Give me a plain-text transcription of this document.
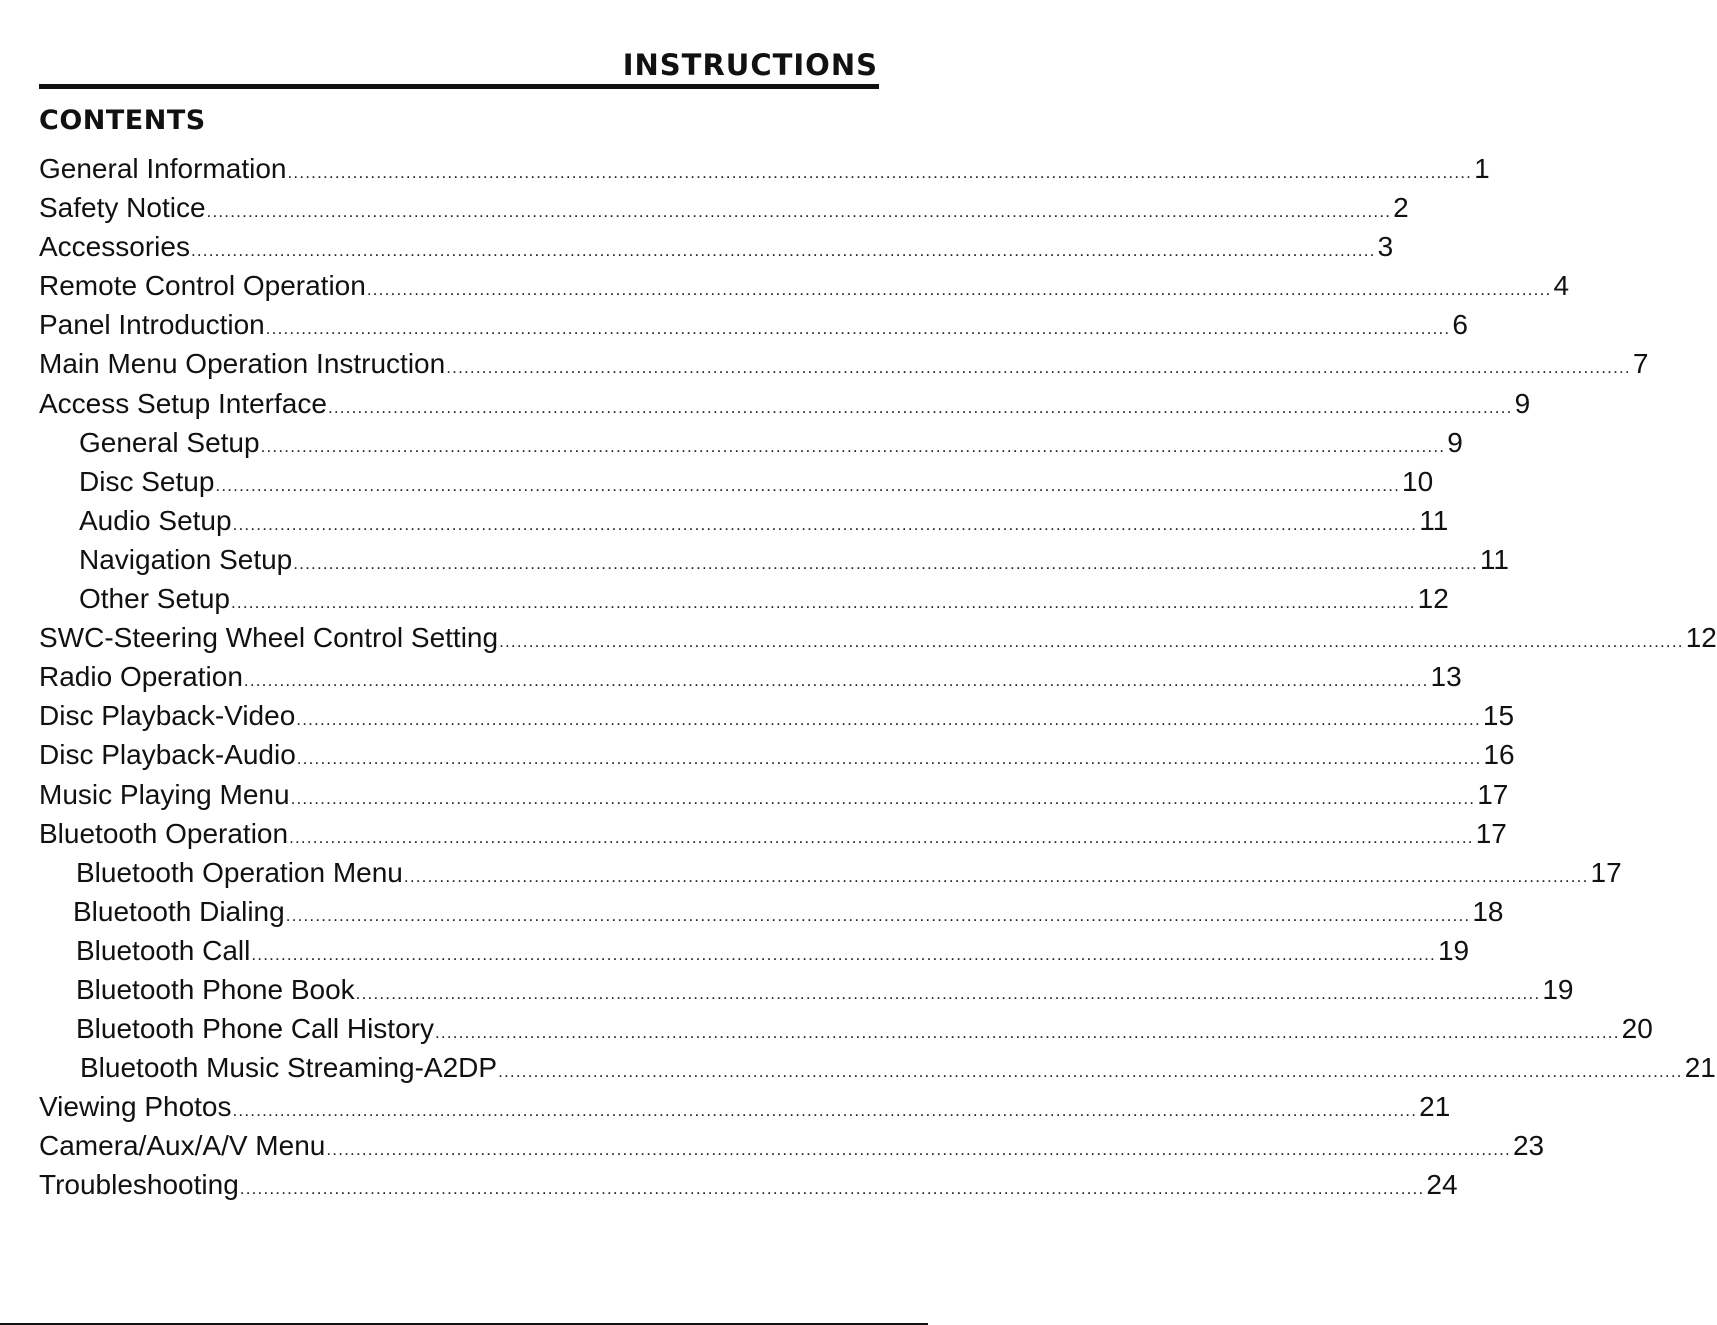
INSTRUCTIONS
CONTENTS
General Information ........................................................................................................................................................................................................ 1
Safety Notice ........................................................................................................................................................................................................ 2
Accessories ........................................................................................................................................................................................................ 3
Remote Control Operation ........................................................................................................................................................................................................ 4
Panel Introduction ........................................................................................................................................................................................................ 6
Main Menu Operation Instruction ........................................................................................................................................................................................................ 7
Access Setup Interface ........................................................................................................................................................................................................ 9
General Setup ........................................................................................................................................................................................................ 9
Disc Setup ........................................................................................................................................................................................................ 10
Audio Setup ........................................................................................................................................................................................................ 11
Navigation Setup ........................................................................................................................................................................................................ 11
Other Setup ........................................................................................................................................................................................................ 12
SWC-Steering Wheel Control Setting ........................................................................................................................................................................................................ 12
Radio Operation ........................................................................................................................................................................................................ 13
Disc Playback-Video ........................................................................................................................................................................................................ 15
Disc Playback-Audio ........................................................................................................................................................................................................ 16
Music Playing Menu ........................................................................................................................................................................................................ 17
Bluetooth Operation ........................................................................................................................................................................................................ 17
Bluetooth Operation Menu ........................................................................................................................................................................................................ 17
Bluetooth Dialing ........................................................................................................................................................................................................ 18
Bluetooth Call ........................................................................................................................................................................................................ 19
Bluetooth Phone Book ........................................................................................................................................................................................................ 19
Bluetooth Phone Call History ........................................................................................................................................................................................................ 20
Bluetooth Music Streaming-A2DP ........................................................................................................................................................................................................ 21
Viewing Photos ........................................................................................................................................................................................................ 21
Camera/Aux/A/V Menu ........................................................................................................................................................................................................ 23
Troubleshooting ........................................................................................................................................................................................................ 24
